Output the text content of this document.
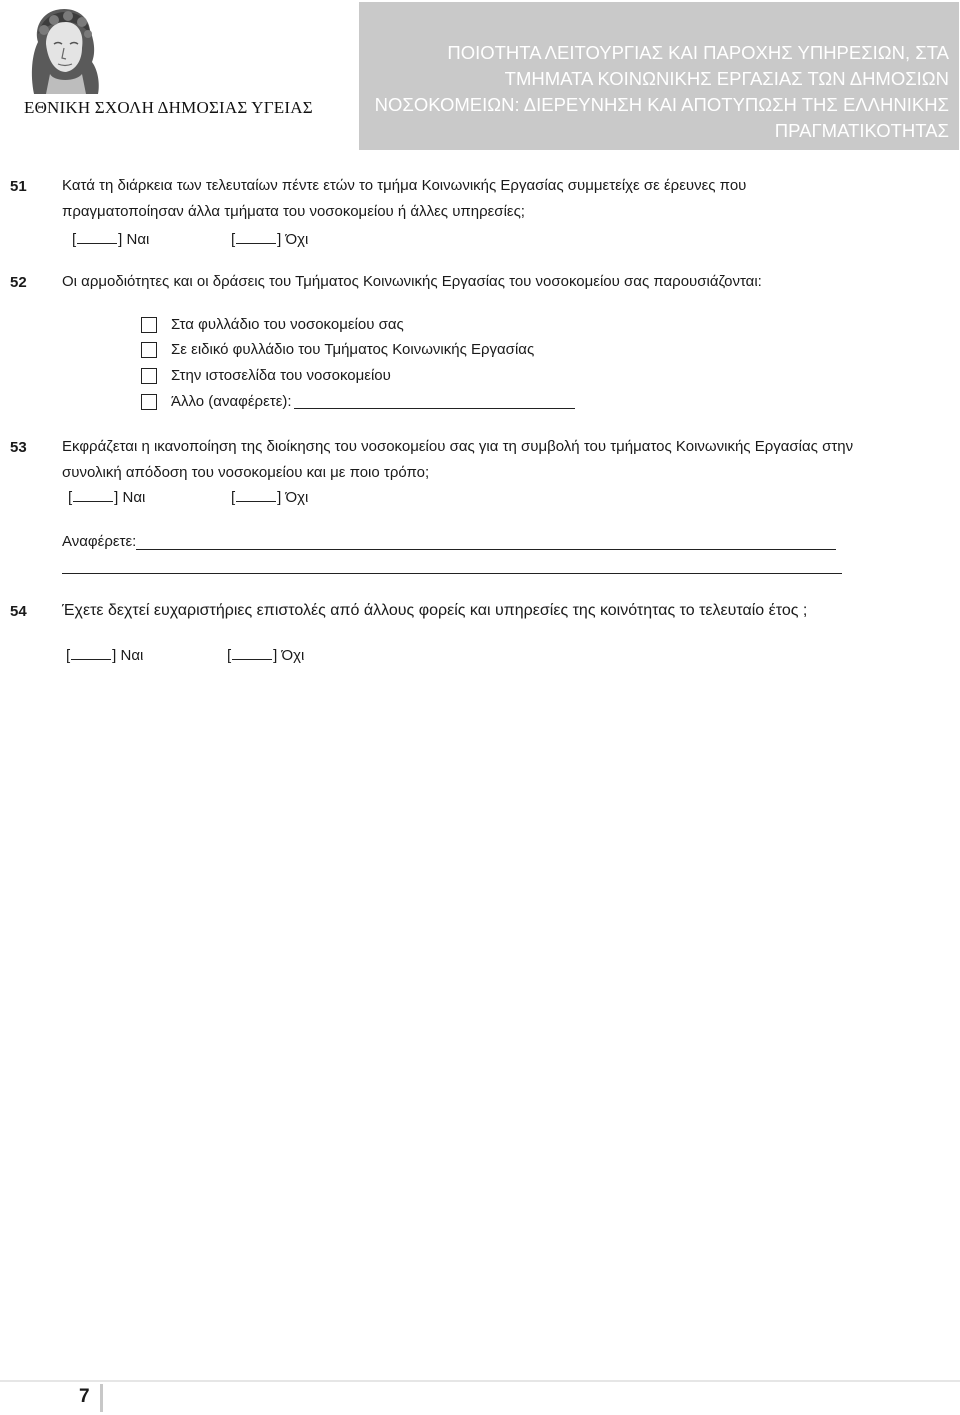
ΕΘΝΙΚΗ ΣΧΟΛΗ ΔΗΜΟΣΙΑΣ ΥΓΕΙΑΣ
ΠΟΙΟΤΗΤΑ ΛΕΙΤΟΥΡΓΙΑΣ ΚΑΙ ΠΑΡΟΧΗΣ ΥΠΗΡΕΣΙΩΝ, ΣΤΑ
ΤΜΗΜΑΤΑ ΚΟΙΝΩΝΙΚΗΣ ΕΡΓΑΣΙΑΣ ΤΩΝ ΔΗΜΟΣΙΩΝ
ΝΟΣΟΚΟΜΕΙΩΝ: ΔΙΕΡΕΥΝΗΣΗ ΚΑΙ ΑΠΟΤΥΠΩΣΗ ΤΗΣ ΕΛΛΗΝΙΚΗΣ
ΠΡΑΓΜΑΤΙΚΟΤΗΤΑΣ
51 Κατά τη διάρκεια των τελευταίων πέντε ετών το τμήμα Κοινωνικής Εργασίας συμμετείχε σε έρευνες που
πραγματοποίησαν άλλα τμήματα του νοσοκομείου ή άλλες υπηρεσίες;
[	] Ναι	[	] Όχι
52 Οι αρμοδιότητες και οι δράσεις του Τμήματος Κοινωνικής Εργασίας του νοσοκομείου σας παρουσιάζονται:
Στα φυλλάδιο του νοσοκομείου σας
Σε ειδικό φυλλάδιο του Τμήματος Κοινωνικής Εργασίας
Στην ιστοσελίδα του νοσοκομείου
Άλλο (αναφέρετε):
53 Εκφράζεται η ικανοποίηση της διοίκησης του νοσοκομείου σας για τη συμβολή του τμήματος Κοινωνικής Εργασίας στην
συνολική απόδοση του νοσοκομείου και με ποιο τρόπο;
[	] Ναι	[	] Όχι
Αναφέρετε:
54 Έχετε δεχτεί ευχαριστήριες επιστολές από άλλους φορείς και υπηρεσίες της κοινότητας το τελευταίο έτος ;
[	] Ναι	[	] Όχι
7
